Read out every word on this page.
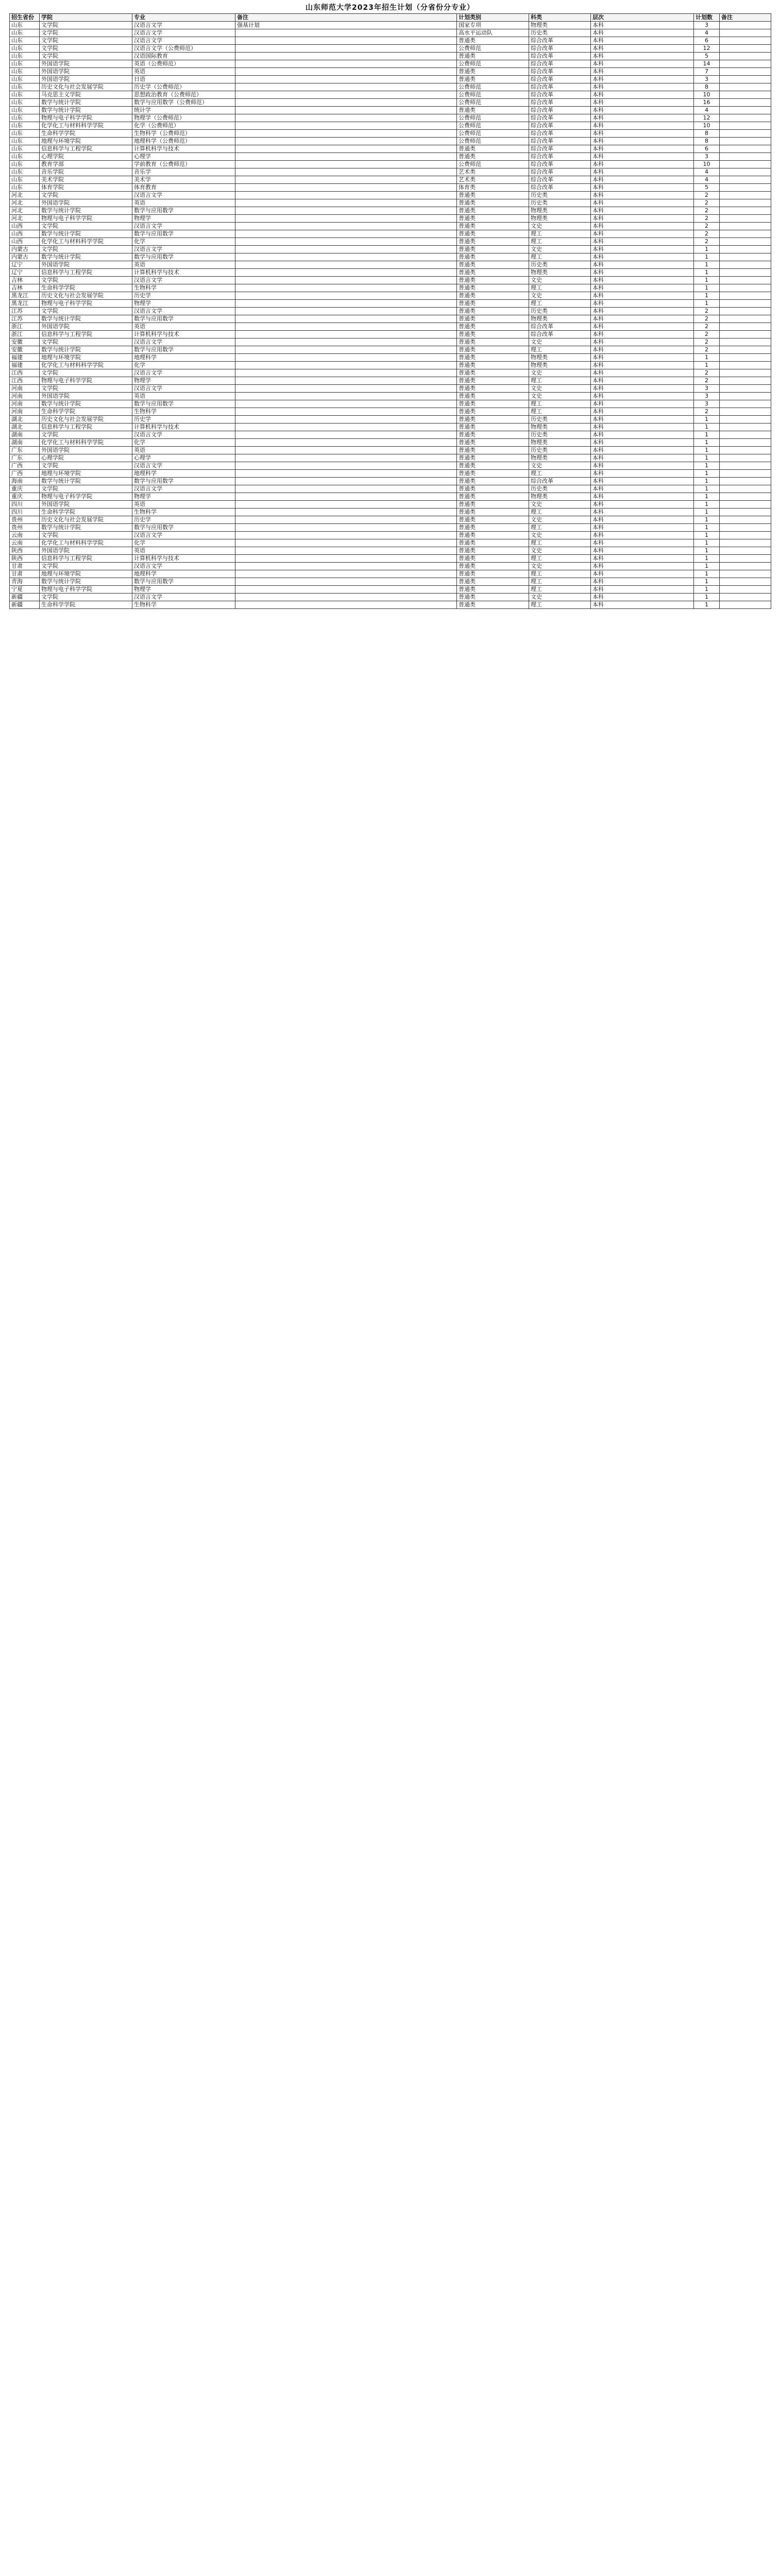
山东师范大学2023年招生计划（分省份分专业）
招生省份	学院	专业	备注	计划类别	科类	层次	计划数	备注
山东	文学院	汉语言文学	强基计划	国家专项	物理类	本科	3	
山东	文学院	汉语言文学		高水平运动队	历史类	本科	4	
山东	文学院	汉语言文学		普通类	综合改革	本科	6	
山东	文学院	汉语言文学（公费师范）		公费师范	综合改革	本科	12	
山东	文学院	汉语国际教育		普通类	综合改革	本科	5	
山东	外国语学院	英语（公费师范）		公费师范	综合改革	本科	14	
山东	外国语学院	英语		普通类	综合改革	本科	7	
山东	外国语学院	日语		普通类	综合改革	本科	3	
山东	历史文化与社会发展学院	历史学（公费师范）		公费师范	综合改革	本科	8	
山东	马克思主义学院	思想政治教育（公费师范）		公费师范	综合改革	本科	10	
山东	数学与统计学院	数学与应用数学（公费师范）		公费师范	综合改革	本科	16	
山东	数学与统计学院	统计学		普通类	综合改革	本科	4	
山东	物理与电子科学学院	物理学（公费师范）		公费师范	综合改革	本科	12	
山东	化学化工与材料科学学院	化学（公费师范）		公费师范	综合改革	本科	10	
山东	生命科学学院	生物科学（公费师范）		公费师范	综合改革	本科	8	
山东	地理与环境学院	地理科学（公费师范）		公费师范	综合改革	本科	8	
山东	信息科学与工程学院	计算机科学与技术		普通类	综合改革	本科	6	
山东	心理学院	心理学		普通类	综合改革	本科	3	
山东	教育学部	学前教育（公费师范）		公费师范	综合改革	本科	10	
山东	音乐学院	音乐学		艺术类	综合改革	本科	4	
山东	美术学院	美术学		艺术类	综合改革	本科	4	
山东	体育学院	体育教育		体育类	综合改革	本科	5	
河北	文学院	汉语言文学		普通类	历史类	本科	2	
河北	外国语学院	英语		普通类	历史类	本科	2	
河北	数学与统计学院	数学与应用数学		普通类	物理类	本科	2	
河北	物理与电子科学学院	物理学		普通类	物理类	本科	2	
山西	文学院	汉语言文学		普通类	文史	本科	2	
山西	数学与统计学院	数学与应用数学		普通类	理工	本科	2	
山西	化学化工与材料科学学院	化学		普通类	理工	本科	2	
内蒙古	文学院	汉语言文学		普通类	文史	本科	1	
内蒙古	数学与统计学院	数学与应用数学		普通类	理工	本科	1	
辽宁	外国语学院	英语		普通类	历史类	本科	1	
辽宁	信息科学与工程学院	计算机科学与技术		普通类	物理类	本科	1	
吉林	文学院	汉语言文学		普通类	文史	本科	1	
吉林	生命科学学院	生物科学		普通类	理工	本科	1	
黑龙江	历史文化与社会发展学院	历史学		普通类	文史	本科	1	
黑龙江	物理与电子科学学院	物理学		普通类	理工	本科	1	
江苏	文学院	汉语言文学		普通类	历史类	本科	2	
江苏	数学与统计学院	数学与应用数学		普通类	物理类	本科	2	
浙江	外国语学院	英语		普通类	综合改革	本科	2	
浙江	信息科学与工程学院	计算机科学与技术		普通类	综合改革	本科	2	
安徽	文学院	汉语言文学		普通类	文史	本科	2	
安徽	数学与统计学院	数学与应用数学		普通类	理工	本科	2	
福建	地理与环境学院	地理科学		普通类	物理类	本科	1	
福建	化学化工与材料科学学院	化学		普通类	物理类	本科	1	
江西	文学院	汉语言文学		普通类	文史	本科	2	
江西	物理与电子科学学院	物理学		普通类	理工	本科	2	
河南	文学院	汉语言文学		普通类	文史	本科	3	
河南	外国语学院	英语		普通类	文史	本科	3	
河南	数学与统计学院	数学与应用数学		普通类	理工	本科	3	
河南	生命科学学院	生物科学		普通类	理工	本科	2	
湖北	历史文化与社会发展学院	历史学		普通类	历史类	本科	1	
湖北	信息科学与工程学院	计算机科学与技术		普通类	物理类	本科	1	
湖南	文学院	汉语言文学		普通类	历史类	本科	1	
湖南	化学化工与材料科学学院	化学		普通类	物理类	本科	1	
广东	外国语学院	英语		普通类	历史类	本科	1	
广东	心理学院	心理学		普通类	物理类	本科	1	
广西	文学院	汉语言文学		普通类	文史	本科	1	
广西	地理与环境学院	地理科学		普通类	理工	本科	1	
海南	数学与统计学院	数学与应用数学		普通类	综合改革	本科	1	
重庆	文学院	汉语言文学		普通类	历史类	本科	1	
重庆	物理与电子科学学院	物理学		普通类	物理类	本科	1	
四川	外国语学院	英语		普通类	文史	本科	1	
四川	生命科学学院	生物科学		普通类	理工	本科	1	
贵州	历史文化与社会发展学院	历史学		普通类	文史	本科	1	
贵州	数学与统计学院	数学与应用数学		普通类	理工	本科	1	
云南	文学院	汉语言文学		普通类	文史	本科	1	
云南	化学化工与材料科学学院	化学		普通类	理工	本科	1	
陕西	外国语学院	英语		普通类	文史	本科	1	
陕西	信息科学与工程学院	计算机科学与技术		普通类	理工	本科	1	
甘肃	文学院	汉语言文学		普通类	文史	本科	1	
甘肃	地理与环境学院	地理科学		普通类	理工	本科	1	
青海	数学与统计学院	数学与应用数学		普通类	理工	本科	1	
宁夏	物理与电子科学学院	物理学		普通类	理工	本科	1	
新疆	文学院	汉语言文学		普通类	文史	本科	1	
新疆	生命科学学院	生物科学		普通类	理工	本科	1	
